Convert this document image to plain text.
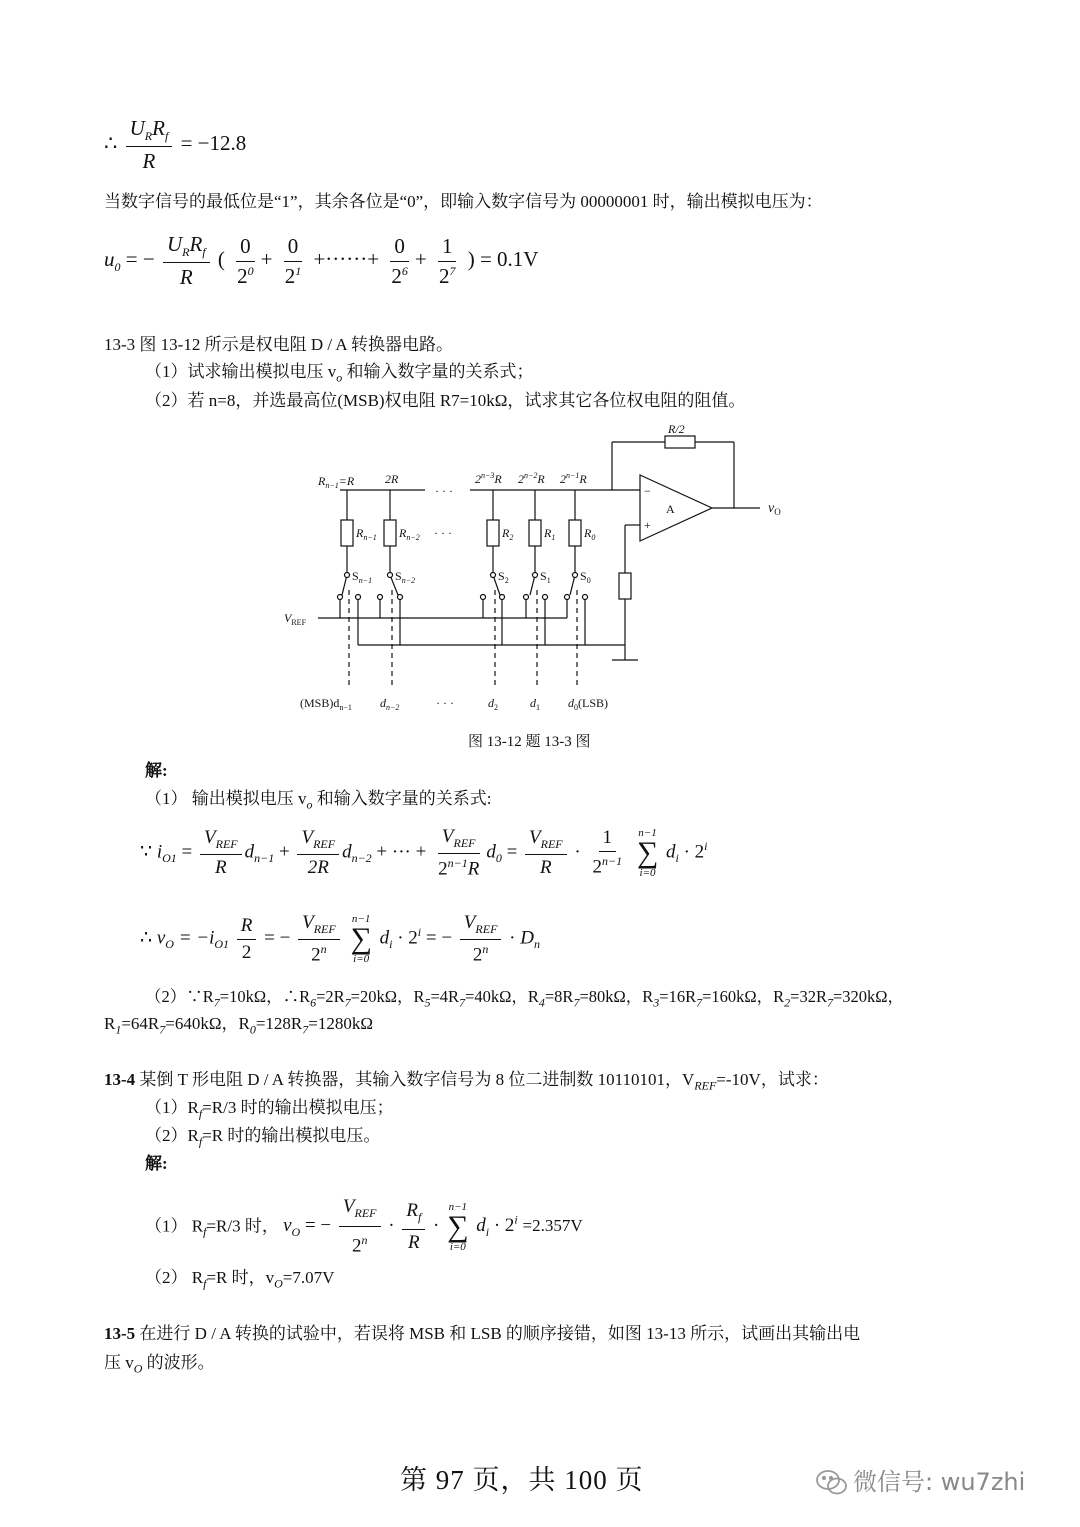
∴ $\frac{U_RR_f}{R} = -12.8$
当数字信号的最低位是“1”，其余各位是“0”，即输入数字信号为 00000001 时，输出模拟电压为：
$u_0$ = − $\frac{U_RR_f}{R}$ ( $\frac{0}{2^0} + \frac{0}{2^1}$ +······+ $\frac{0}{2^6} + \frac{1}{2^7}$ ) = 0.1V
13-3 图 13-12 所示是权电阻 D / A 转换器电路。
（1）试求输出模拟电压 $v_o$ 和输入数字量的关系式；
（2）若 n=8，并选最高位(MSB)权电阻 R7=10kΩ，试求其它各位权电阻的阻值。
$R_{n-1}=R$	2R
· · ·
$2^{n-3}R$ $2^{n-2}R$ $2^{n-1}R$
R/2
A
−
+
$v_O$
$R_{n-1}$ $R_{n-2}$ · · ·	$R_2$	$R_1$ $R_0$
$S_{n-1}$ $S_{n-2}$	$S_2$	$S_1$ $S_0$
$V_{REF}$
$(MSB)d_{n-1}$ $d_{n-2}$	· · ·	$d_2$	$d_1$ $d_0(LSB)$
图 13-12 题 13-3 图
解:
（1） 输出模拟电压 $v_o$ 和输入数字量的关系式:
∵ $i_{O1} = \frac{V_{REF}}{R} d_{n-1} + \frac{V_{REF}}{2R} d_{n-2}$ + ··· + $\frac{V_{REF}}{2^{n-1}R} d_0 = \frac{V_{REF}}{R} \cdot \frac{1}{2^{n-1}}$
n−1
∑
i=0
$d_i \cdot 2^i$
∴ $v_O = -i_{O1} \frac{R}{2}$ = − $\frac{V_{REF}}{2^n}$
n−1
∑
i=0
$d_i \cdot 2^i$ = − $\frac{V_{REF}}{2^n} \cdot D_n$
$(2)\because R_7=10k\Omega$，$\therefore R_6=2R_7=20k\Omega$，$R_5=4R_7=40k\Omega$，$R_4=8R_7=80k\Omega$，$R_3=16R_7=160k\Omega$，$R_2=32R_7=320k\Omega$，
$R_1=64R_7=640k\Omega$，$R_0=128R_7=1280k\Omega$
13-4 某倒 T 形电阻 D / A 转换器，其输入数字信号为 8 位二进制数 10110101，$V_{REF}=-10V$，试求：
$(1)R_f=R/3$ 时的输出模拟电压；
$(2)R_f=R$ 时的输出模拟电压。
解:
（1） $R_f=R/3$ 时， $v_O$ = − $\frac{V_{REF}}{2^n} \cdot \frac{R_f}{R}$ ·
n−1
∑
i=0
$d_i \cdot 2^i =2.357V$
（2） $R_f=R$ 时，$v_O=7.07V$
13-5 在进行 D / A 转换的试验中，若误将 MSB 和 LSB 的顺序接错，如图 13-13 所示，试画出其输出电
压 $v_O$ 的波形。
第 97 页，共 100 页	微信号: wu7zhi
